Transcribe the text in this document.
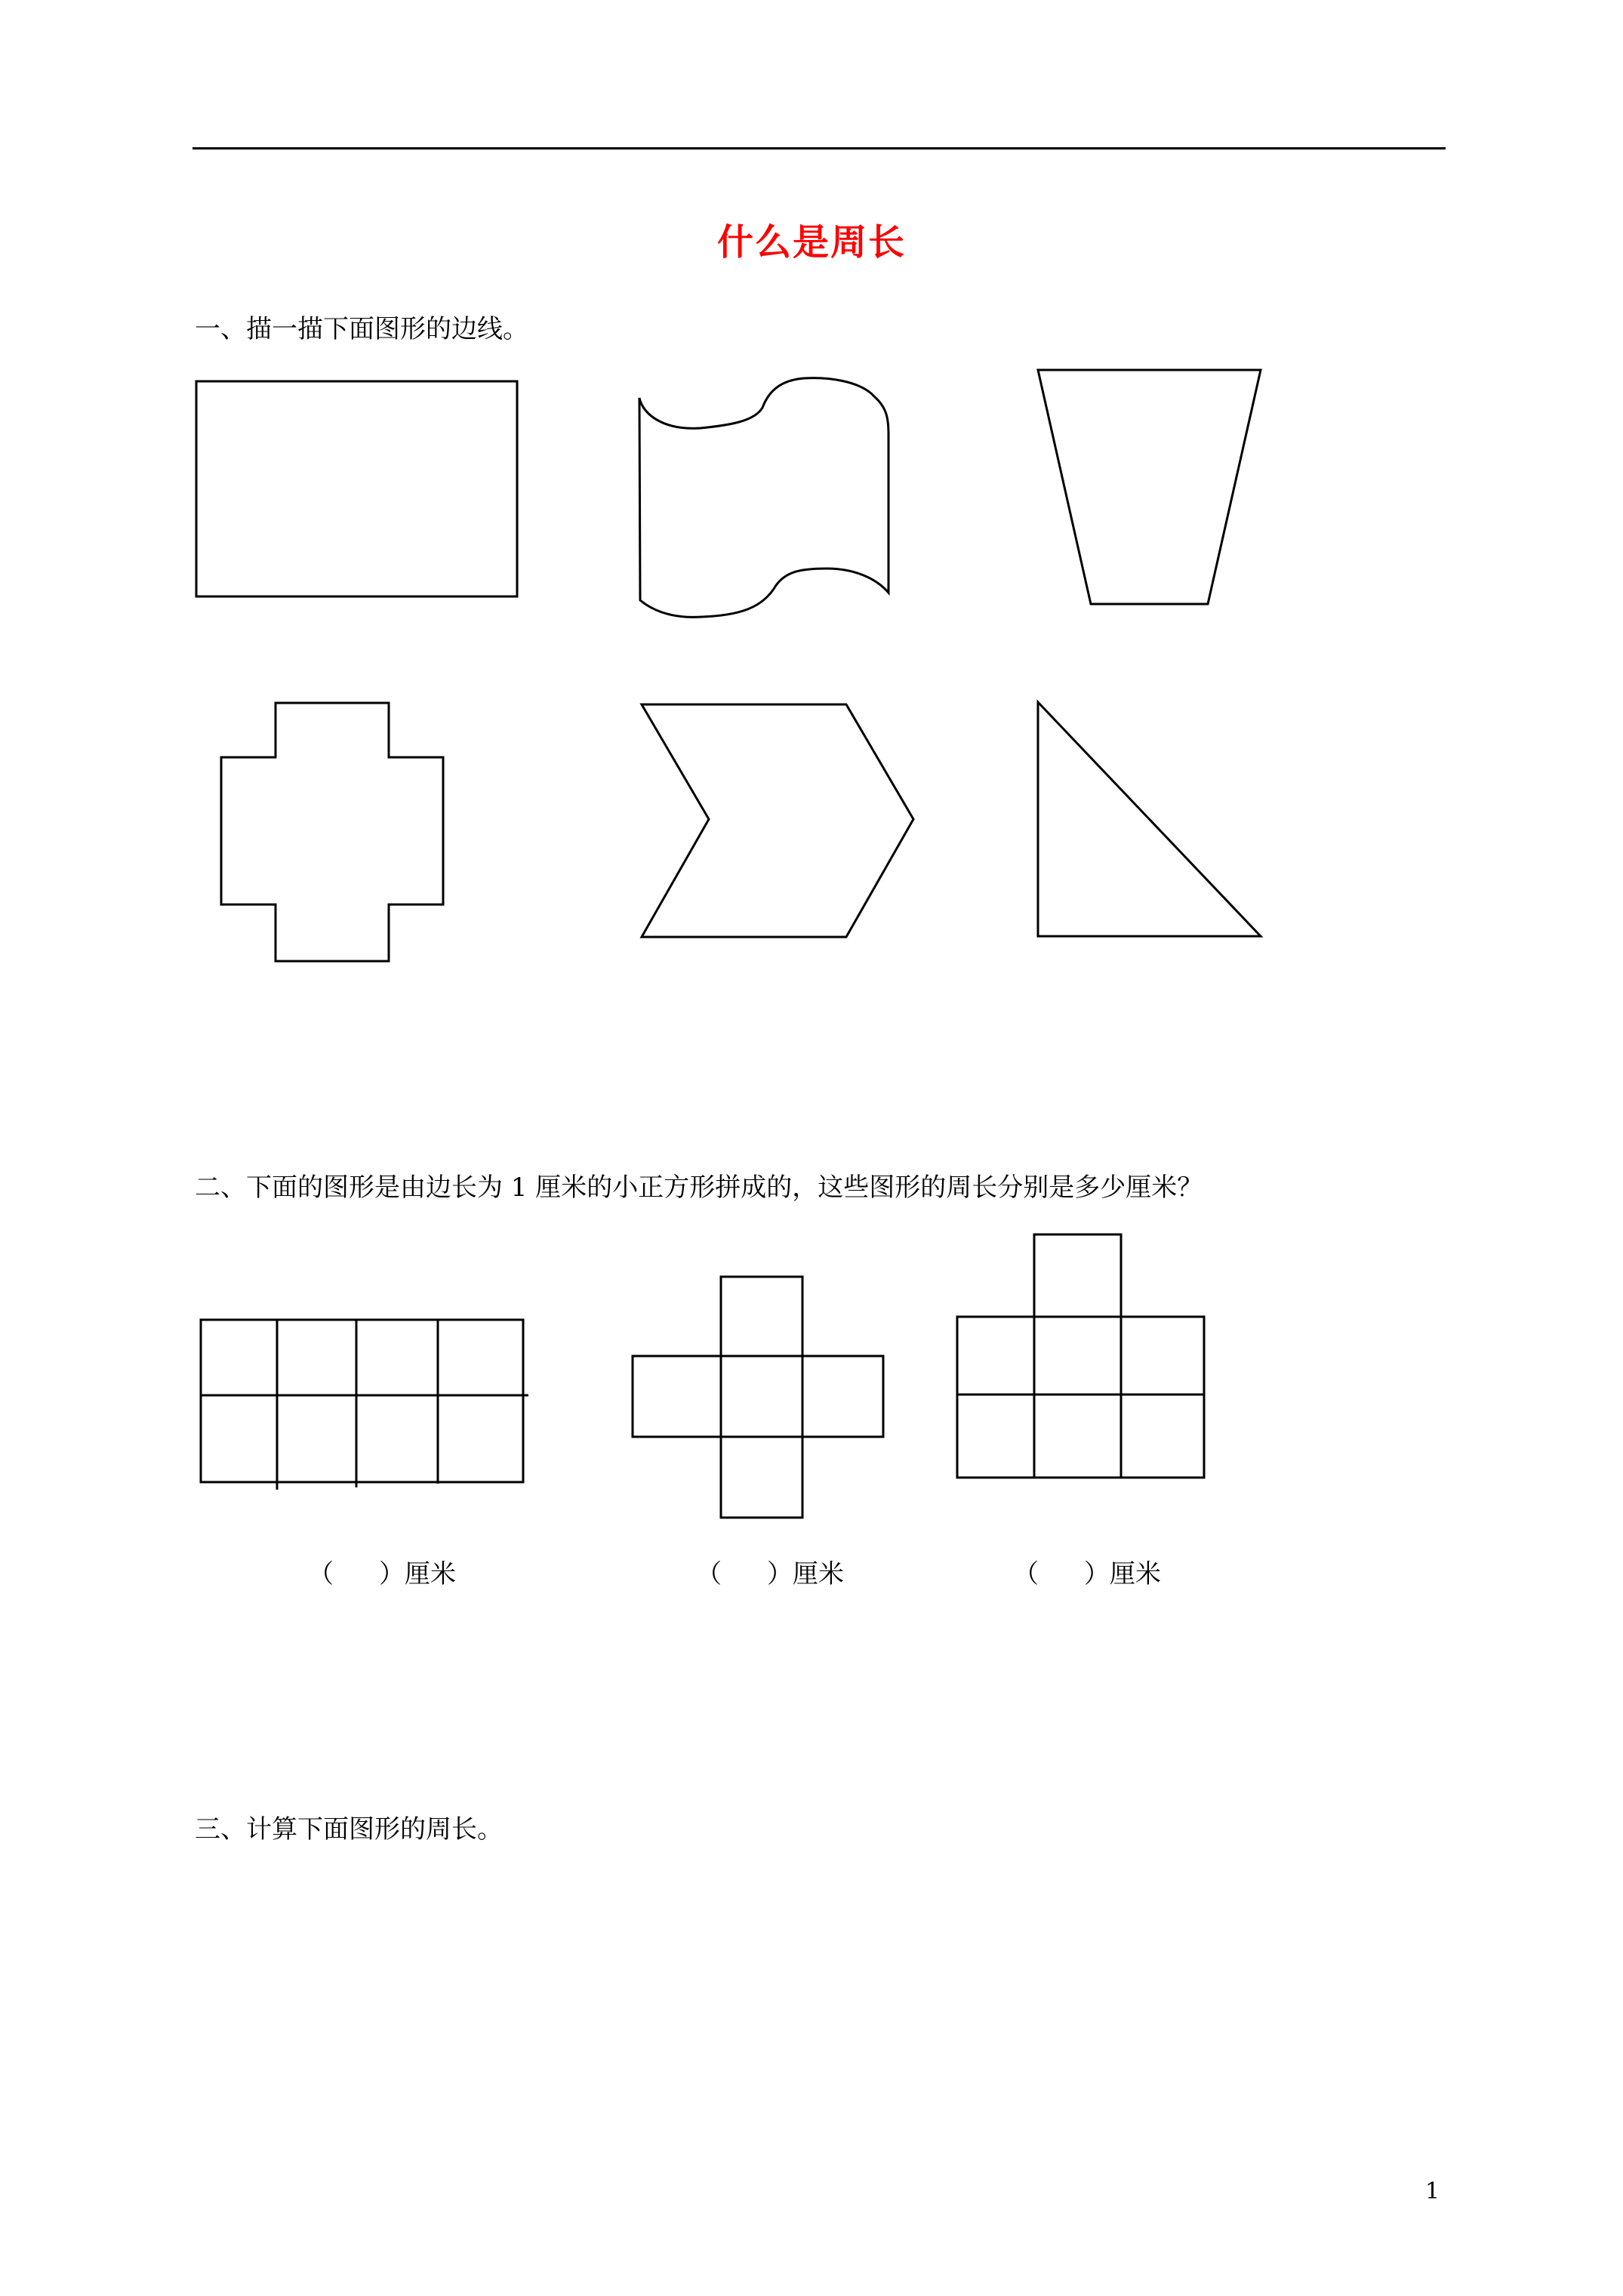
什么是周长
一、描一描下面图形的边线。
二、下面的图形是由边长为 1 厘米的小正方形拼成的，这些图形的周长分别是多少厘米？
（ ）厘米	（ ）厘米	（ ）厘米
三、计算下面图形的周长。
1
